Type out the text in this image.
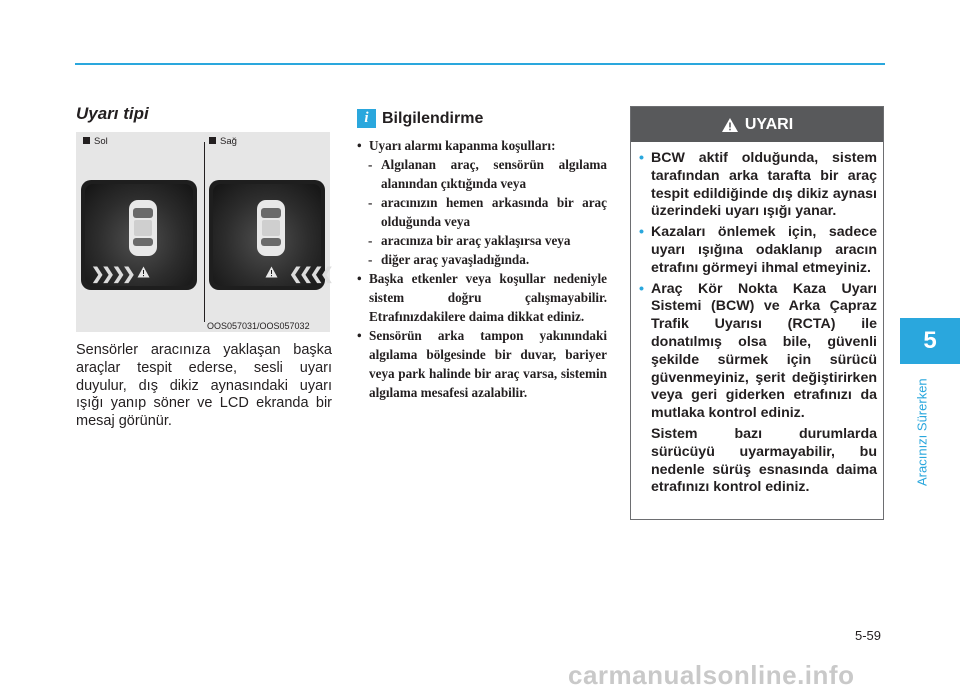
5
Aracınızı Sürerken
Uyarı tipi
Sol	Sağ
❯❯❯❯	❮❮❮❮
OOS057031/OOS057032
Sensörler aracınıza yaklaşan başka araçlar tespit ederse, sesli uyarı duyulur, dış dikiz aynasındaki uyarı ışığı yanıp söner ve LCD ekranda bir mesaj görünür.
i Bilgilendirme
• Uyarı alarmı kapanma koşulları:
- Algılanan araç, sensörün algılama alanından çıktığında veya
- aracınızın hemen arkasında bir araç olduğunda veya
- aracınıza bir araç yaklaşırsa veya
- diğer araç yavaşladığında.
• Başka etkenler veya koşullar nedeniyle sistem doğru çalışmayabilir. Etrafınızdakilere daima dikkat ediniz.
• Sensörün arka tampon yakınındaki algılama bölgesinde bir duvar, bariyer veya park halinde bir araç varsa, sistemin algılama mesafesi azalabilir.
UYARI
• BCW aktif olduğunda, sistem tarafından arka tarafta bir araç tespit edildiğinde dış dikiz aynası üzerindeki uyarı ışığı yanar.
• Kazaları önlemek için, sadece uyarı ışığına odaklanıp aracın etrafını görmeyi ihmal etmeyiniz.
• Araç Kör Nokta Kaza Uyarı Sistemi (BCW) ve Arka Çapraz Trafik Uyarısı (RCTA) ile donatılmış olsa bile, güvenli şekilde sürmek için sürücü güvenmeyiniz, şerit değiştirirken veya geri giderken etrafınızı da mutlaka kontrol ediniz.
Sistem bazı durumlarda sürücüyü uyarmayabilir, bu nedenle sürüş esnasında daima etrafınızı kontrol ediniz.
5-59
carmanualsonline.info
